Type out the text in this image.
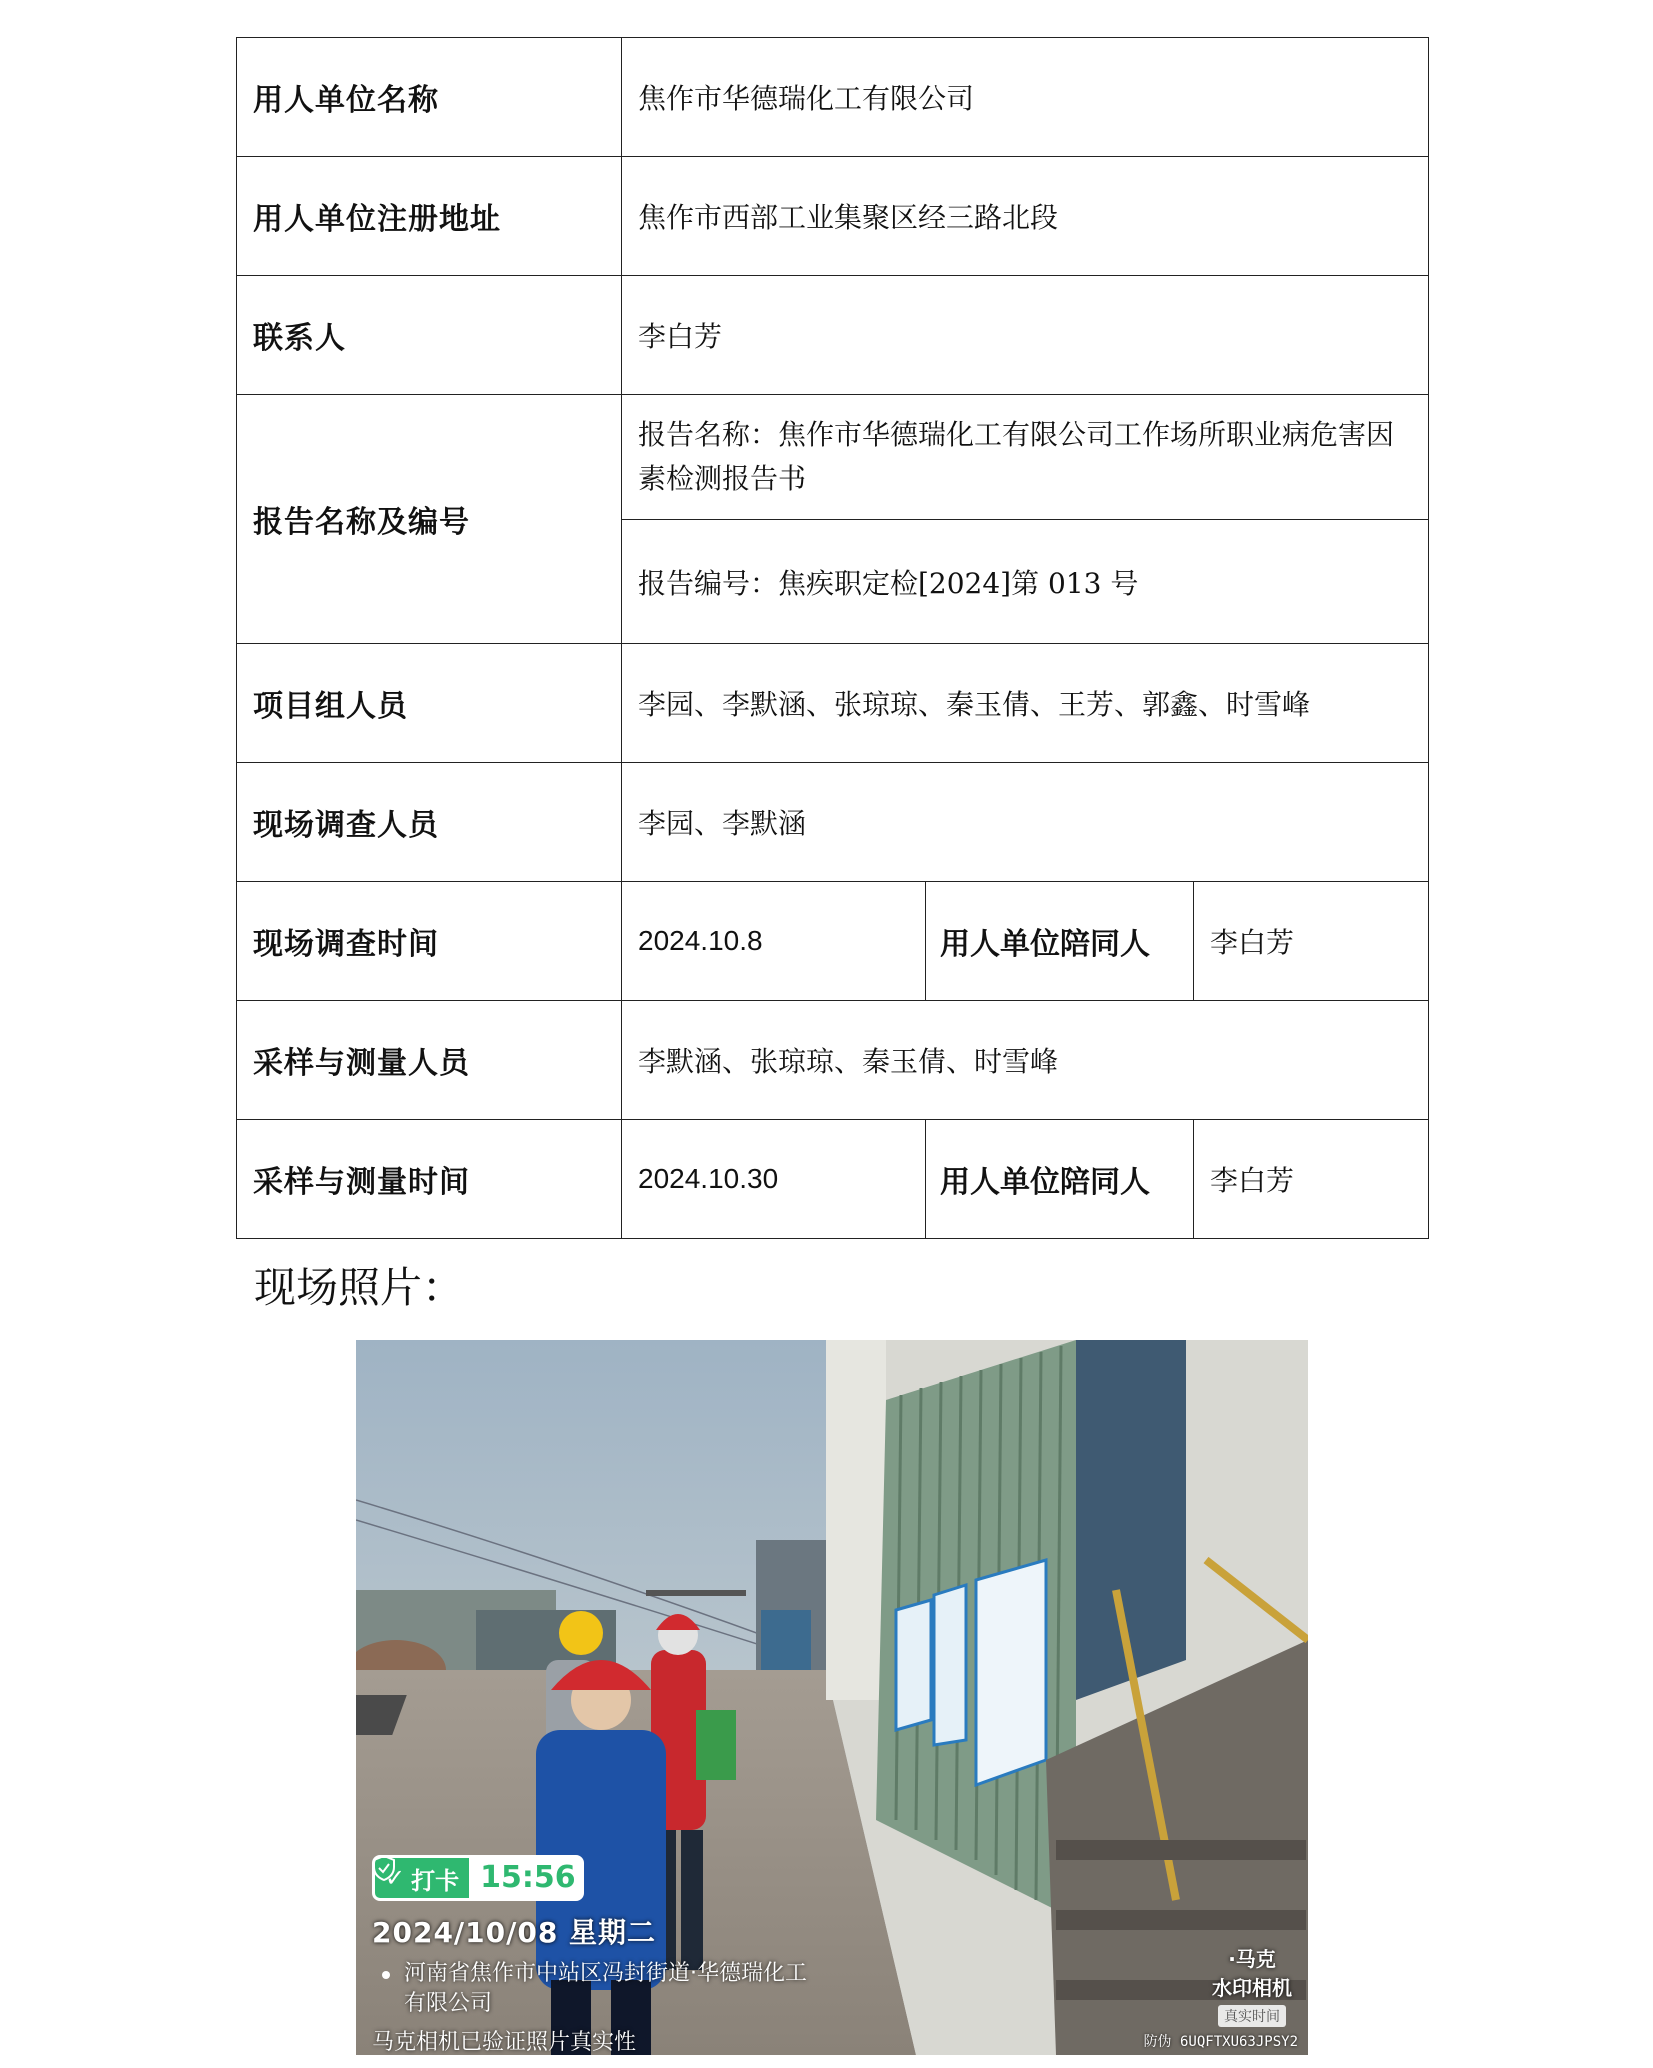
用人单位名称	焦作市华德瑞化工有限公司		
用人单位注册地址	焦作市西部工业集聚区经三路北段		
联系人	李白芳		
报告名称及编号	报告名称：焦作市华德瑞化工有限公司工作场所职业病危害因素检测报告书		
	报告编号：焦疾职定检[2024]第 013 号		
项目组人员	李园、李默涵、张琼琼、秦玉倩、王芳、郭鑫、时雪峰		
现场调查人员	李园、李默涵		
现场调查时间	2024.10.8	用人单位陪同人	李白芳
采样与测量人员	李默涵、张琼琼、秦玉倩、时雪峰		
采样与测量时间	2024.10.30	用人单位陪同人	李白芳
现场照片：
✓ 打卡 15:56
2024/10/08 星期二
河南省焦作市中站区冯封街道·华德瑞化工有限公司
马克相机已验证照片真实性
·马克
水印相机
真实时间
防伪 6UQFTXU63JPSY2
